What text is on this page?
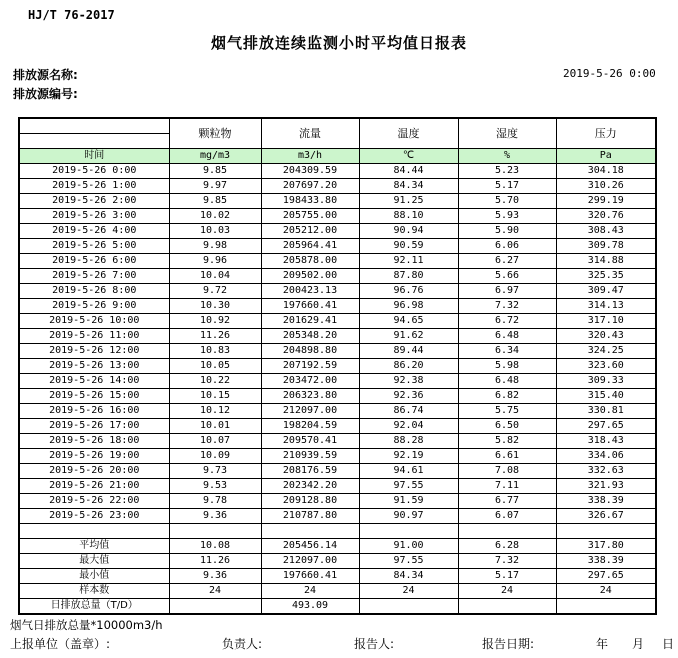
HJ/T 76-2017
烟气排放连续监测小时平均值日报表
排放源名称:
排放源编号:
2019-5-26 0:00
	颗粒物	流量	温度	湿度	压力

时间	mg/m3	m3/h	℃	%	Pa
2019-5-26 0:00	9.85	204309.59	84.44	5.23	304.18
2019-5-26 1:00	9.97	207697.20	84.34	5.17	310.26
2019-5-26 2:00	9.85	198433.80	91.25	5.70	299.19
2019-5-26 3:00	10.02	205755.00	88.10	5.93	320.76
2019-5-26 4:00	10.03	205212.00	90.94	5.90	308.43
2019-5-26 5:00	9.98	205964.41	90.59	6.06	309.78
2019-5-26 6:00	9.96	205878.00	92.11	6.27	314.88
2019-5-26 7:00	10.04	209502.00	87.80	5.66	325.35
2019-5-26 8:00	9.72	200423.13	96.76	6.97	309.47
2019-5-26 9:00	10.30	197660.41	96.98	7.32	314.13
2019-5-26 10:00	10.92	201629.41	94.65	6.72	317.10
2019-5-26 11:00	11.26	205348.20	91.62	6.48	320.43
2019-5-26 12:00	10.83	204898.80	89.44	6.34	324.25
2019-5-26 13:00	10.05	207192.59	86.20	5.98	323.60
2019-5-26 14:00	10.22	203472.00	92.38	6.48	309.33
2019-5-26 15:00	10.15	206323.80	92.36	6.82	315.40
2019-5-26 16:00	10.12	212097.00	86.74	5.75	330.81
2019-5-26 17:00	10.01	198204.59	92.04	6.50	297.65
2019-5-26 18:00	10.07	209570.41	88.28	5.82	318.43
2019-5-26 19:00	10.09	210939.59	92.19	6.61	334.06
2019-5-26 20:00	9.73	208176.59	94.61	7.08	332.63
2019-5-26 21:00	9.53	202342.20	97.55	7.11	321.93
2019-5-26 22:00	9.78	209128.80	91.59	6.77	338.39
2019-5-26 23:00	9.36	210787.80	90.97	6.07	326.67

平均值	10.08	205456.14	91.00	6.28	317.80
最大值	11.26	212097.00	97.55	7.32	338.39
最小值	9.36	197660.41	84.34	5.17	297.65
样本数	24	24	24	24	24
日排放总量（T/D）		493.09			
烟气日排放总量*10000m3/h
上报单位（盖章）:	负责人:	报告人:	报告日期:	年 月 日
